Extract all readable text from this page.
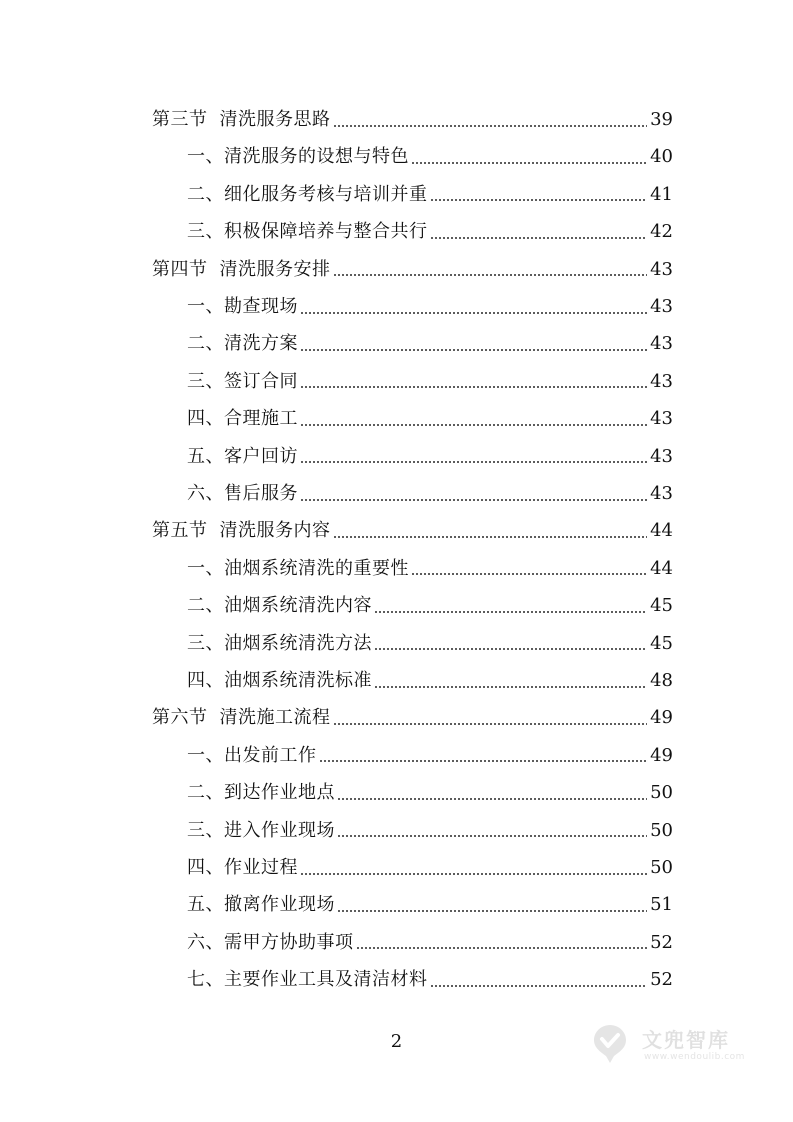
第三节 清洗服务思路	39
一、清洗服务的设想与特色	40
二、细化服务考核与培训并重	41
三、积极保障培养与整合共行	42
第四节 清洗服务安排	43
一、勘查现场	43
二、清洗方案	43
三、签订合同	43
四、合理施工	43
五、客户回访	43
六、售后服务	43
第五节 清洗服务内容	44
一、油烟系统清洗的重要性	44
二、油烟系统清洗内容	45
三、油烟系统清洗方法	45
四、油烟系统清洗标准	48
第六节 清洗施工流程	49
一、出发前工作	49
二、到达作业地点	50
三、进入作业现场	50
四、作业过程	50
五、撤离作业现场	51
六、需甲方协助事项	52
七、主要作业工具及清洁材料	52
2	文兜智库
www.wendoulib.com
